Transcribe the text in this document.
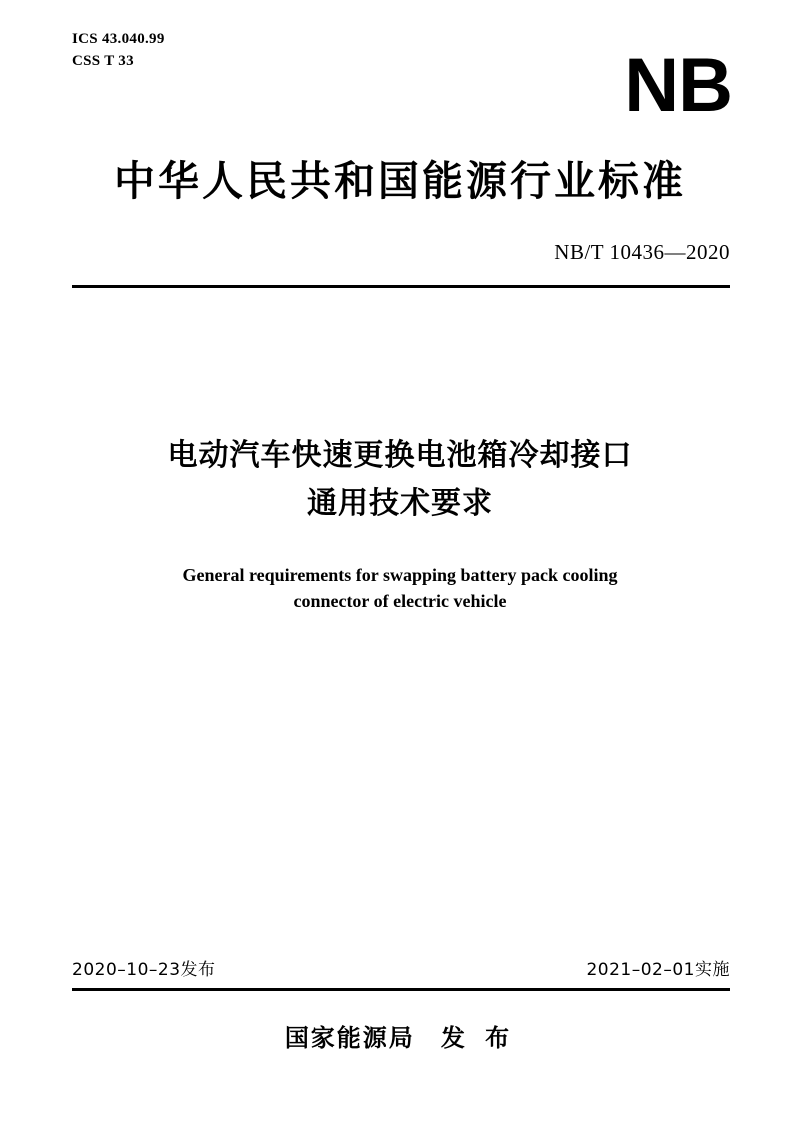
ICS 43.040.99
CSS T 33	NB
中华人民共和国能源行业标准
NB/T 10436—2020
电动汽车快速更换电池箱冷却接口
通用技术要求
General requirements for swapping battery pack cooling
connector of electric vehicle
2020–10–23发布	2021–02–01实施
国家能源局 发 布
